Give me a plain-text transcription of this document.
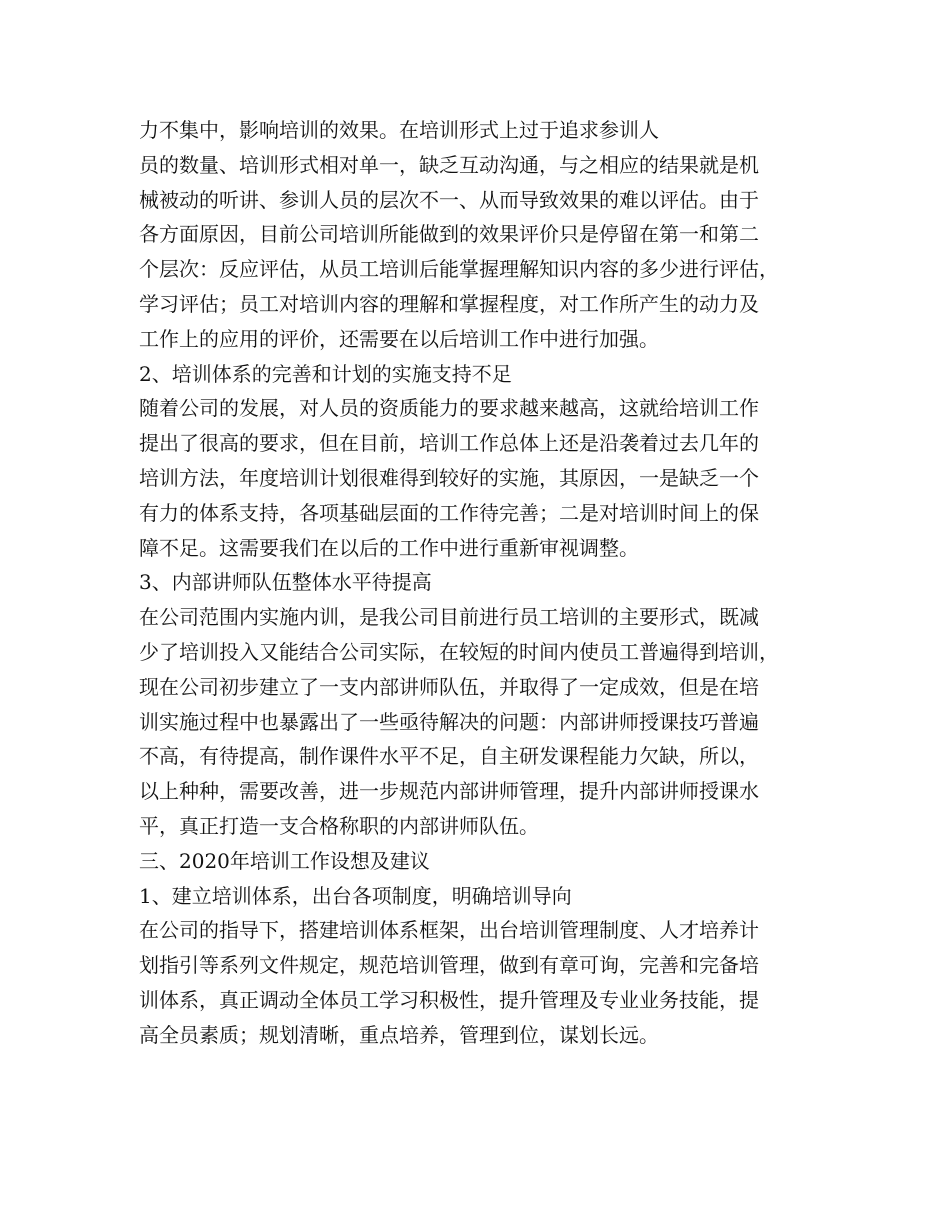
力不集中，影响培训的效果。在培训形式上过于追求参训人
员的数量、培训形式相对单一，缺乏互动沟通，与之相应的结果就是机
械被动的听讲、参训人员的层次不一、从而导致效果的难以评估。由于
各方面原因，目前公司培训所能做到的效果评价只是停留在第一和第二
个层次：反应评估，从员工培训后能掌握理解知识内容的多少进行评估，
学习评估；员工对培训内容的理解和掌握程度，对工作所产生的动力及
工作上的应用的评价，还需要在以后培训工作中进行加强。
2、培训体系的完善和计划的实施支持不足
随着公司的发展，对人员的资质能力的要求越来越高，这就给培训工作
提出了很高的要求，但在目前，培训工作总体上还是沿袭着过去几年的
培训方法，年度培训计划很难得到较好的实施，其原因，一是缺乏一个
有力的体系支持，各项基础层面的工作待完善；二是对培训时间上的保
障不足。这需要我们在以后的工作中进行重新审视调整。
3、内部讲师队伍整体水平待提高
在公司范围内实施内训，是我公司目前进行员工培训的主要形式，既减
少了培训投入又能结合公司实际，在较短的时间内使员工普遍得到培训，
现在公司初步建立了一支内部讲师队伍，并取得了一定成效，但是在培
训实施过程中也暴露出了一些亟待解决的问题：内部讲师授课技巧普遍
不高，有待提高，制作课件水平不足，自主研发课程能力欠缺，所以，
以上种种，需要改善，进一步规范内部讲师管理，提升内部讲师授课水
平，真正打造一支合格称职的内部讲师队伍。
三、2020年培训工作设想及建议
1、建立培训体系，出台各项制度，明确培训导向
在公司的指导下，搭建培训体系框架，出台培训管理制度、人才培养计
划指引等系列文件规定，规范培训管理，做到有章可询，完善和完备培
训体系，真正调动全体员工学习积极性，提升管理及专业业务技能，提
高全员素质；规划清晰，重点培养，管理到位，谋划长远。
